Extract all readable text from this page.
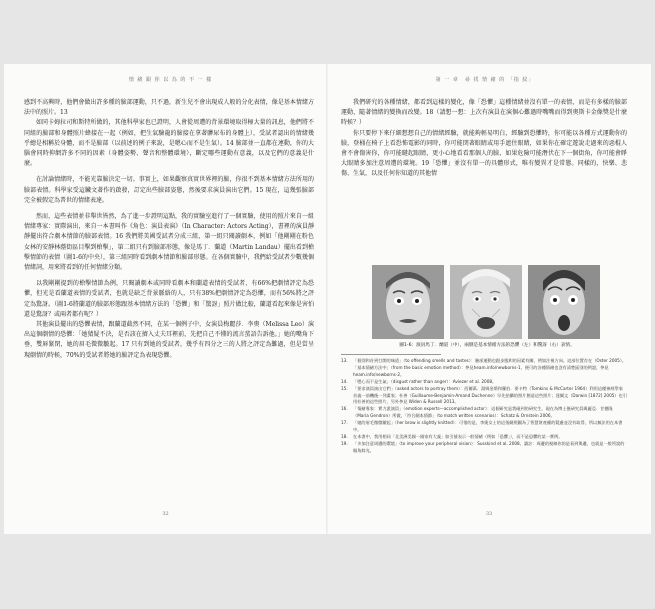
情 緒 跟 你 以 為 的 不 一 樣

感到不高興時，他們會做出許多種的臉部運動，只不過，新生兒不會出現成人般的分化表情，像是基本情緒方法中的照片。13

如同卡姆拉司和斯特所做的，其他科學家也已證明，人會從周遭的背景環境取得極大量的訊息，他們將不同組的臉部和身體照片蜂接在一起（例如，把生氣驗龍的臉接在拿著髒尿布的身體上），受試者認出的情緒幾乎總是相稱於身體，而不是臉部（以前述的例子來說，是嗯心而不是生氣）。14 臉部並一直都在連動，你的大腦會同時抑網許多不同的因素（身體姿勢、聲音和整體環境），斷定哪些運動有意義，以及它們的意義是什麼。

在討論情緒時，不能光靠臉決定一切。事實上，如果觀察真實世界裡的臉，你很不到基本情緒方法所用的臉部表情。科學家受這臟文著作的啟發，訂定出些臉部姿態，然後要求演員演出它們。15 現在，這幾張臉部完全被假定為普世的情緒表達。

然而，這些表情並非舉世皆然，為了進一步證明這點，我的實驗室進行了一個實驗，使用的照片來自一組情緒專家：實際演出，來自一本書叫作《角色：演員表演》（In Character: Actors Acting），書裡的演員靜靜擺出符合劇本情節的臉部表情。16 我們將美國受試者分成三組，第一組只閱讀劇本，例如「他剛剛在粉色女林的安靜林蔭街區目擊到槍擊」，第二組只有到臉部形態，像是馬丁．蘭道（Martin Landau）擺出看到槍擊情節的表情（圖1-6的中央），第三組同時看到劇本情節和臉部形態。在各個實驗中，我們給受試者少數幾個情緒詞，用來將看到的任何情緒分類。

以我剛剛提到的槍擊情節為例，只閱讀劇本或同時看劇本和蘭道表情的受試者，有66%把劇情評定為恐懼，但光是看蘭道表情的受試者，也就是缺乏背景脈絡的人，只有38%把劇情評定為恐懼，而有56%將之評定為驚訝。（圖1-6將蘭道的臉部形態跟基本情緒方法的「恐懼」和「驚訝」照片做比較，蘭道看起來像是害怕還是驚訝？或兩者都有呢？）

其他演員擺出的恐懼表情，跟蘭道截然不同，在某一個例子中，女演員梅麗莎．李奧（Melissa Leo）演出這個劇情的恐懼：「她猜疑不決，是否該在擠入丈夫耳裡前，先把自己不懂的流言蜚語告訴他。」她的嘴角下垂，雙唇緊閉，她的眉毛微微皺起。17 只有到她的受試者，幾乎有四分之三的人將之評定為難過，但是當呈現劇情的時候，70%的受試者將她的臉評定為表現恐懼。

32
第 一 章　尋 找 情 緒 的 「指 紋」

我們研究的各種情緒，都看到這樣的變化，像「恐懼」這種情緒並沒有單一的表情，而是有多樣的臉部運動，隨著情緒的變換而改變。18（請想一想：上次有演員在演個心難過時嘴嘴而得到奧斯卡金像獎是什麼時候？）

你只要停下來仔細想想自己的情緒經驗，就能夠輕易明白，經驗到恐懼時，你可能以各種方式運動你的臉，登桶在椅子上看恐怖電影的同時，你可能閉著眼睛或用手遮住眼睛，如果你在確定遊說走過來的惡棍人會不會傷害你，你可能瞇起眼睛，更小心地看看那個人的臉，如果危險可能潛伏在下一個街角，你可能會睜大眼睛多加注意周遭的環境。19「恐懼」並沒有單一的具體形式，唯有變異才是常態。同樣的，快樂、悲傷、生氣，以及任何你知道的其他情

圖1-6：演員馬丁．蘭道（中），兩側是基本情緒方法的恐懼（左）和驚訝（右）表情。
13.	「個別和首到打開的味道」（to offending smells and tastes）：臉部運動也跟步態和的因素有關，例如注視方向。這部位置存在（Oster 2005）。「基本情緒方法中」（from the basic emotion method）：參見heam.info/newborns-1，便可的各種情緒也沒有清楚區別的例證，參見heam.info/newborns-2。
14.	「嗯心而不是生氣」（disgust rather than anger）：Aviezer et al. 2008。
15.	「要求演員演出它們」（asked actors to portray them）：西爾萬．湯姆金斯和羅伯．麥卡特（Tomkins & McCarter 1964）利用這種神經學家首義一前機後一列畫家；杜善（Guillaume-Benjamin-Amand Duchenne）早先拍攝的照片創造這些照片；達爾文（Darwin [1872] 2005）也引用杜善的這些照片，另外參見 Widen & Russell 2013。
16.	「情緒專家：實力派演員」（emotion experts—accomplished actor）：這個研究是我碰到的研究生，現在為博士後研究員瑪麗亞．甘德隆（Maria Gendron）所做，「符合劇本情節」（to match written scenarios）：Schatz & Ornstein 2006。
17.	「她的眉毛微微皺起」（her brow is slightly knitted）：可惜的是，李奧女士的這張劇照圖為了智慧財產權的疑慮並沒有取得，所以無法用在本書中。
18.	在本書中，我用相同「北美洲美國一國家有大義」如引號表示一般情緒（例如「恐懼」），而不是恐懼的某一實例。
19.	「多加注意周遭的環境」（to improve your peripheral vision）：Susskind et al. 2008。讀註：周邊的視線你的是看到與邊，也就是一般所說的眼角餘光。
33
